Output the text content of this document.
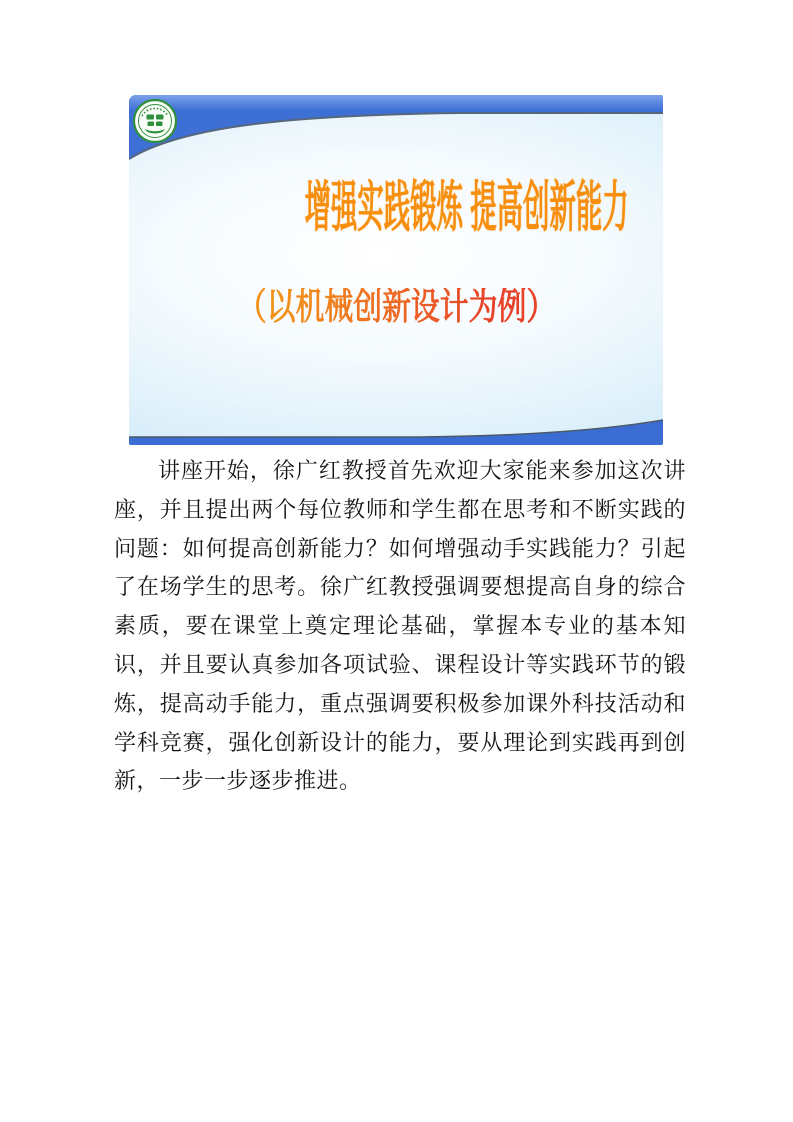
增强实践锻炼 提高创新能力
（以机械创新设计为例）

讲座开始，徐广红教授首先欢迎大家能来参加这次讲座，并且提出两个每位教师和学生都在思考和不断实践的问题：如何提高创新能力？如何增强动手实践能力？引起了在场学生的思考。徐广红教授强调要想提高自身的综合素质，要在课堂上奠定理论基础，掌握本专业的基本知识，并且要认真参加各项试验、课程设计等实践环节的锻炼，提高动手能力，重点强调要积极参加课外科技活动和学科竞赛，强化创新设计的能力，要从理论到实践再到创新，一步一步逐步推进。
